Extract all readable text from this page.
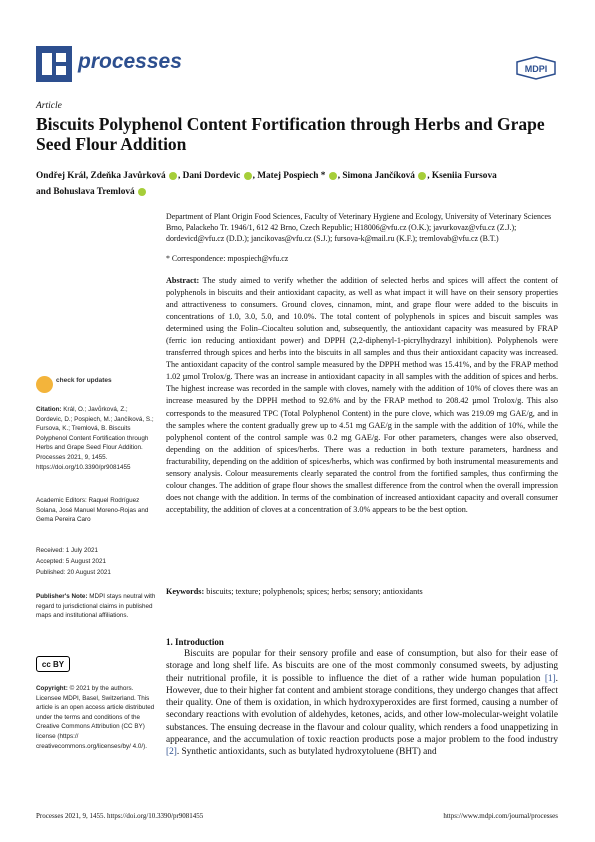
processes	MDPI
Article
Biscuits Polyphenol Content Fortification through Herbs and Grape Seed Flour Addition
Ondřej Král, Zdeňka Javůrková , Dani Dordevic , Matej Pospiech * , Simona Jančíková , Kseniia Fursova
and Bohuslava Tremlová
Department of Plant Origin Food Sciences, Faculty of Veterinary Hygiene and Ecology, University of Veterinary Sciences Brno, Palackeho Tr. 1946/1, 612 42 Brno, Czech Republic; H18006@vfu.cz (O.K.); javurkovaz@vfu.cz (Z.J.); dordevicd@vfu.cz (D.D.); jancikovas@vfu.cz (S.J.); fursova-k@mail.ru (K.F.); tremlovab@vfu.cz (B.T.)
* Correspondence: mpospiech@vfu.cz
Abstract: The study aimed to verify whether the addition of selected herbs and spices will affect the content of polyphenols in biscuits and their antioxidant capacity, as well as what impact it will have on their sensory properties and attractiveness to consumers. Ground cloves, cinnamon, mint, and grape flour were added to the biscuits in concentrations of 1.0, 3.0, 5.0, and 10.0%. The total content of polyphenols in spices and biscuit samples was determined using the Folin–Ciocalteu solution and, subsequently, the antioxidant capacity was measured by FRAP (ferric ion reducing antioxidant power) and DPPH (2,2-diphenyl-1-picrylhydrazyl inhibition). Polyphenols were transferred through spices and herbs into the biscuits in all samples and thus their antioxidant capacity was increased. The antioxidant capacity of the control sample measured by the DPPH method was 15.41%, and by the FRAP method 1.02 µmol Trolox/g. There was an increase in antioxidant capacity in all samples with the addition of spices and herbs. The highest increase was recorded in the sample with cloves, namely with the addition of 10% of cloves there was an increase measured by the DPPH method to 92.6% and by the FRAP method to 208.42 µmol Trolox/g. This also corresponds to the measured TPC (Total Polyphenol Content) in the pure clove, which was 219.09 mg GAE/g, and in the samples where the content gradually grew up to 4.51 mg GAE/g in the sample with the addition of 10%, while the polyphenol content of the control sample was 0.2 mg GAE/g. For other parameters, changes were also observed, depending on the addition of spices/herbs. There was a reduction in both texture parameters, hardness and fracturability, depending on the addition of spices/herbs, which was confirmed by both instrumental measurements and sensory analysis. Colour measurements clearly separated the control from the fortified samples, thus confirming the colour changes. The addition of grape flour shows the smallest difference from the control when the overall impression does not change with the addition. In terms of the combination of increased antioxidant capacity and overall consumer acceptability, the addition of cloves at a concentration of 3.0% appears to be the best option.
Keywords: biscuits; texture; polyphenols; spices; herbs; sensory; antioxidants
check for updates
Citation: Král, O.; Javůrková, Z.; Dordevic, D.; Pospiech, M.; Jančíková, S.; Fursova, K.; Tremlová, B. Biscuits Polyphenol Content Fortification through Herbs and Grape Seed Flour Addition. Processes 2021, 9, 1455. https://doi.org/10.3390/pr9081455
Academic Editors: Raquel Rodríguez Solana, José Manuel Moreno-Rojas and Gema Pereira Caro
Received: 1 July 2021
Accepted: 5 August 2021
Published: 20 August 2021
Publisher's Note: MDPI stays neutral with regard to jurisdictional claims in published maps and institutional affiliations.
cc BY
Copyright: © 2021 by the authors. Licensee MDPI, Basel, Switzerland. This article is an open access article distributed under the terms and conditions of the Creative Commons Attribution (CC BY) license (https:// creativecommons.org/licenses/by/ 4.0/).
1. Introduction
Biscuits are popular for their sensory profile and ease of consumption, but also for their ease of storage and long shelf life. As biscuits are one of the most commonly consumed sweets, by adjusting their nutritional profile, it is possible to influence the diet of a rather wide human population [1]. However, due to their higher fat content and ambient storage conditions, they undergo changes that affect their quality. One of them is oxidation, in which hydroxyperoxides are first formed, causing a number of secondary reactions with evolution of aldehydes, ketones, acids, and other low-molecular-weight volatile substances. The ensuing decrease in the flavour and colour quality, which renders a food unappetizing in appearance, and the accumulation of toxic reaction products pose a major problem to the food industry [2]. Synthetic antioxidants, such as butylated hydroxytoluene (BHT) and
Processes 2021, 9, 1455. https://doi.org/10.3390/pr9081455	https://www.mdpi.com/journal/processes
